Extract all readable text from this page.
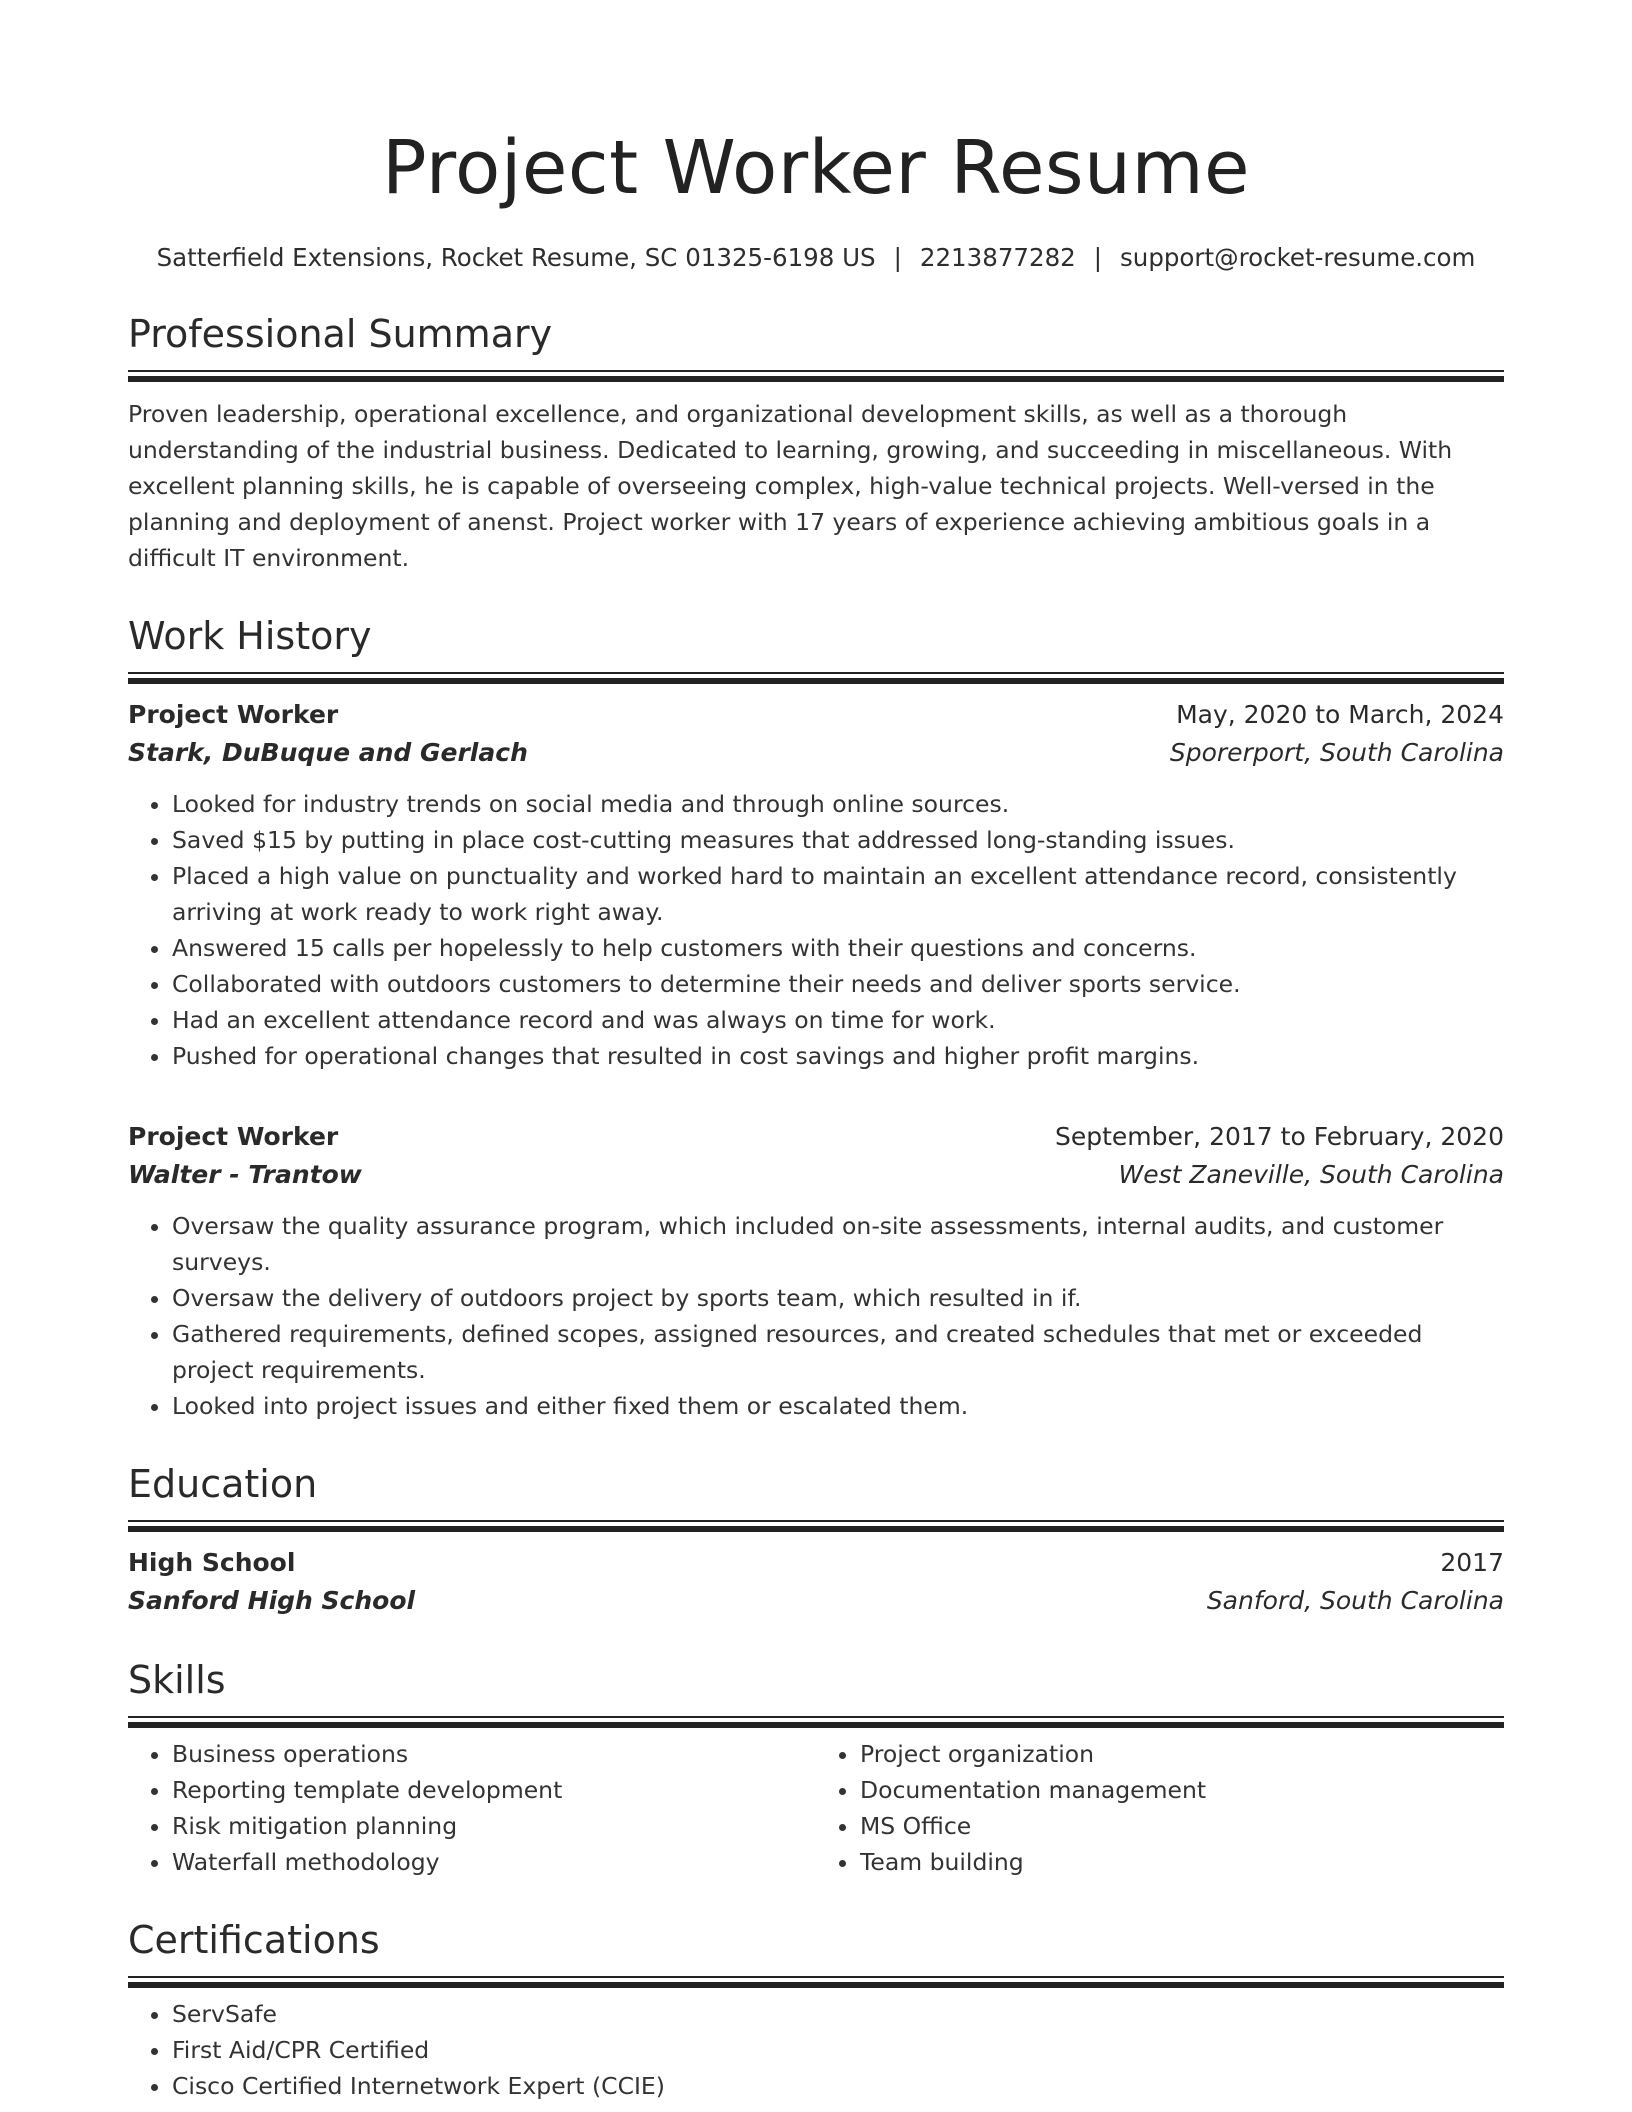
Project Worker Resume
Satterfield Extensions, Rocket Resume, SC 01325-6198 US | 2213877282 | support@rocket-resume.com
Professional Summary
Proven leadership, operational excellence, and organizational development skills, as well as a thorough understanding of the industrial business. Dedicated to learning, growing, and succeeding in miscellaneous. With excellent planning skills, he is capable of overseeing complex, high-value technical projects. Well-versed in the planning and deployment of anenst. Project worker with 17 years of experience achieving ambitious goals in a difficult IT environment.
Work History
Project Worker	May, 2020 to March, 2024
Stark, DuBuque and Gerlach	Sporerport, South Carolina
• Looked for industry trends on social media and through online sources.
• Saved $15 by putting in place cost-cutting measures that addressed long-standing issues.
• Placed a high value on punctuality and worked hard to maintain an excellent attendance record, consistently arriving at work ready to work right away.
• Answered 15 calls per hopelessly to help customers with their questions and concerns.
• Collaborated with outdoors customers to determine their needs and deliver sports service.
• Had an excellent attendance record and was always on time for work.
• Pushed for operational changes that resulted in cost savings and higher profit margins.
Project Worker	September, 2017 to February, 2020
Walter - Trantow	West Zaneville, South Carolina
• Oversaw the quality assurance program, which included on-site assessments, internal audits, and customer surveys.
• Oversaw the delivery of outdoors project by sports team, which resulted in if.
• Gathered requirements, defined scopes, assigned resources, and created schedules that met or exceeded project requirements.
• Looked into project issues and either fixed them or escalated them.
Education
High School	2017
Sanford High School	Sanford, South Carolina
Skills
• Business operations
• Reporting template development
• Risk mitigation planning
• Waterfall methodology
• Project organization
• Documentation management
• MS Office
• Team building
Certifications
• ServSafe
• First Aid/CPR Certified
• Cisco Certified Internetwork Expert (CCIE)
